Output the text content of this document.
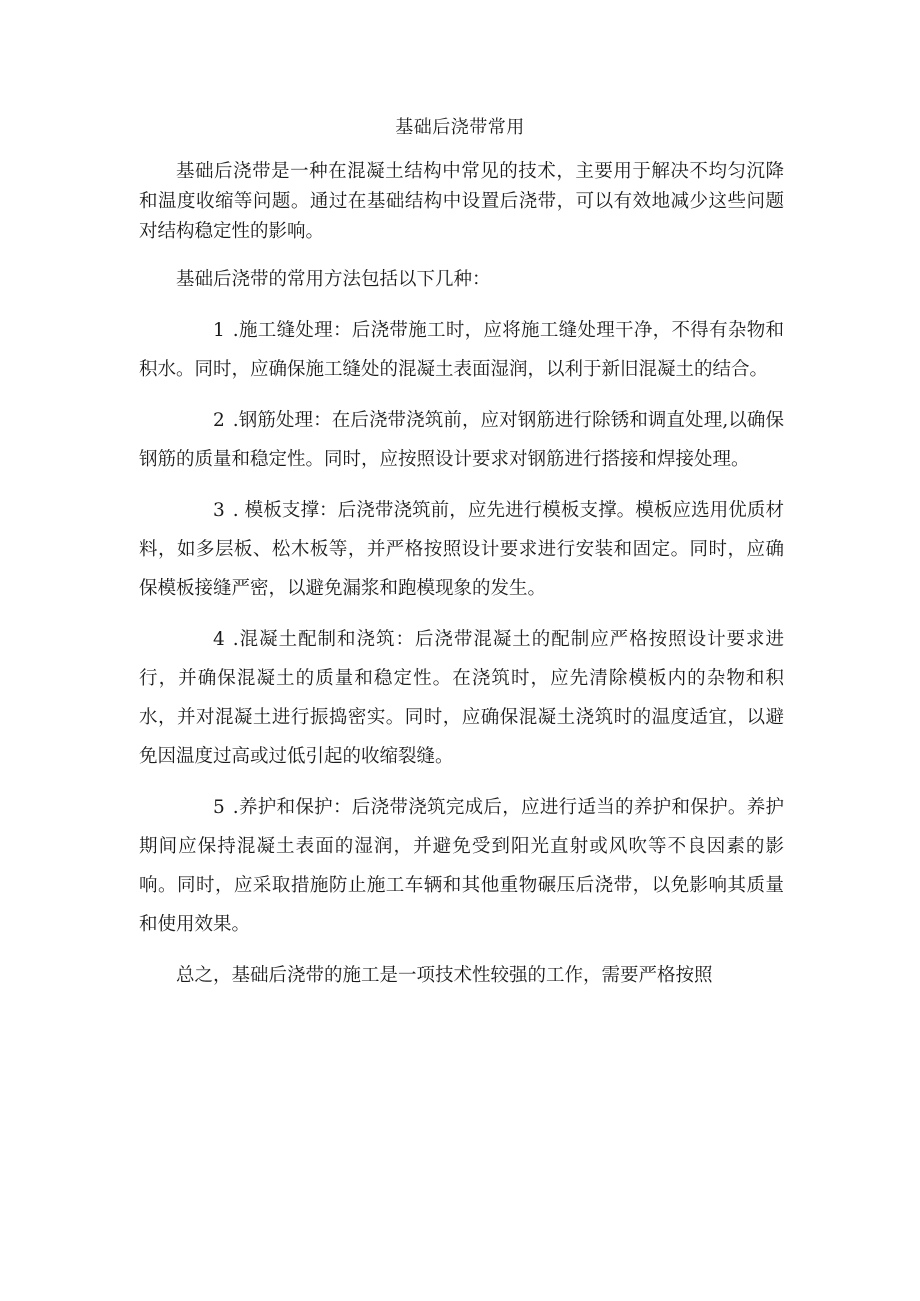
基础后浇带常用

基础后浇带是一种在混凝土结构中常见的技术，主要用于解决不均匀沉降和温度收缩等问题。通过在基础结构中设置后浇带，可以有效地减少这些问题对结构稳定性的影响。

基础后浇带的常用方法包括以下几种：

1 .施工缝处理：后浇带施工时，应将施工缝处理干净，不得有杂物和积水。同时，应确保施工缝处的混凝土表面湿润，以利于新旧混凝土的结合。

2 .钢筋处理：在后浇带浇筑前，应对钢筋进行除锈和调直处理,以确保钢筋的质量和稳定性。同时，应按照设计要求对钢筋进行搭接和焊接处理。

3 . 模板支撑：后浇带浇筑前，应先进行模板支撑。模板应选用优质材料，如多层板、松木板等，并严格按照设计要求进行安装和固定。同时，应确保模板接缝严密，以避免漏浆和跑模现象的发生。

4 .混凝土配制和浇筑：后浇带混凝土的配制应严格按照设计要求进行，并确保混凝土的质量和稳定性。在浇筑时，应先清除模板内的杂物和积水，并对混凝土进行振捣密实。同时，应确保混凝土浇筑时的温度适宜，以避免因温度过高或过低引起的收缩裂缝。

5 .养护和保护：后浇带浇筑完成后，应进行适当的养护和保护。养护期间应保持混凝土表面的湿润，并避免受到阳光直射或风吹等不良因素的影响。同时，应采取措施防止施工车辆和其他重物碾压后浇带，以免影响其质量和使用效果。

总之，基础后浇带的施工是一项技术性较强的工作，需要严格按照
